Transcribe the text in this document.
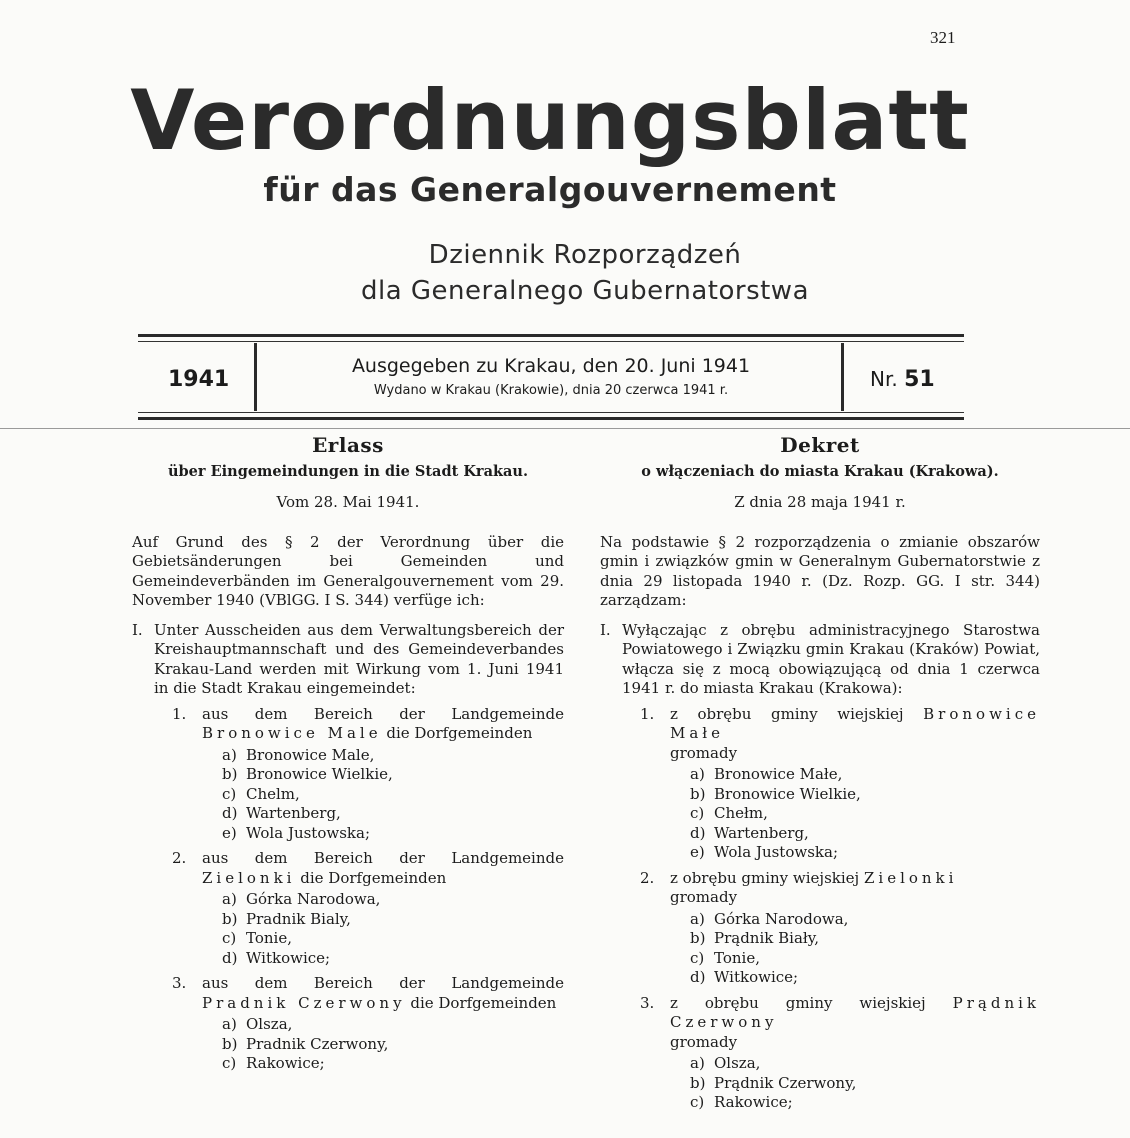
321
Verordnungsblatt
für das Generalgouvernement
Dziennik Rozporządzeń
dla Generalnego Gubernatorstwa
1941
Ausgegeben zu Krakau, den 20. Juni 1941
Wydano w Krakau (Krakowie), dnia 20 czerwca 1941 r.	Nr. 51
Erlass
über Eingemeindungen in die Stadt Krakau.
Vom 28. Mai 1941.
Auf Grund des § 2 der Verordnung über die Gebietsänderungen bei Gemeinden und Gemeindeverbänden im Generalgouvernement vom 29. November 1940 (VBlGG. I S. 344) verfüge ich:
I. Unter Ausscheiden aus dem Verwaltungsbereich der Kreishauptmannschaft und des Gemeindeverbandes Krakau-Land werden mit Wirkung vom 1. Juni 1941 in die Stadt Krakau eingemeindet:
1.	aus dem Bereich der Landgemeinde Bronowice Male die Dorfgemeinden
a) Bronowice Male,
b) Bronowice Wielkie,
c) Chelm,
d) Wartenberg,
e) Wola Justowska;
2.	aus dem Bereich der Landgemeinde Zielonki die Dorfgemeinden
a) Górka Narodowa,
b) Pradnik Bialy,
c) Tonie,
d) Witkowice;
3.	aus dem Bereich der Landgemeinde Pradnik Czerwony die Dorfgemeinden
a) Olsza,
b) Pradnik Czerwony,
c) Rakowice;
Dekret
o włączeniach do miasta Krakau (Krakowa).
Z dnia 28 maja 1941 r.
Na podstawie § 2 rozporządzenia o zmianie obszarów gmin i związków gmin w Generalnym Gubernatorstwie z dnia 29 listopada 1940 r. (Dz. Rozp. GG. I str. 344) zarządzam:
I. Wyłączając z obrębu administracyjnego Starostwa Powiatowego i Związku gmin Krakau (Kraków) Powiat, włącza się z mocą obowiązującą od dnia 1 czerwca 1941 r. do miasta Krakau (Krakowa):
1.	z obrębu gminy wiejskiej Bronowice Małe
gromady
a) Bronowice Małe,
b) Bronowice Wielkie,
c) Chełm,
d) Wartenberg,
e) Wola Justowska;
2.	z obrębu gminy wiejskiej Zielonki
gromady
a) Górka Narodowa,
b) Prądnik Biały,
c) Tonie,
d) Witkowice;
3.	z obrębu gminy wiejskiej Prądnik Czerwony
gromady
a) Olsza,
b) Prądnik Czerwony,
c) Rakowice;
